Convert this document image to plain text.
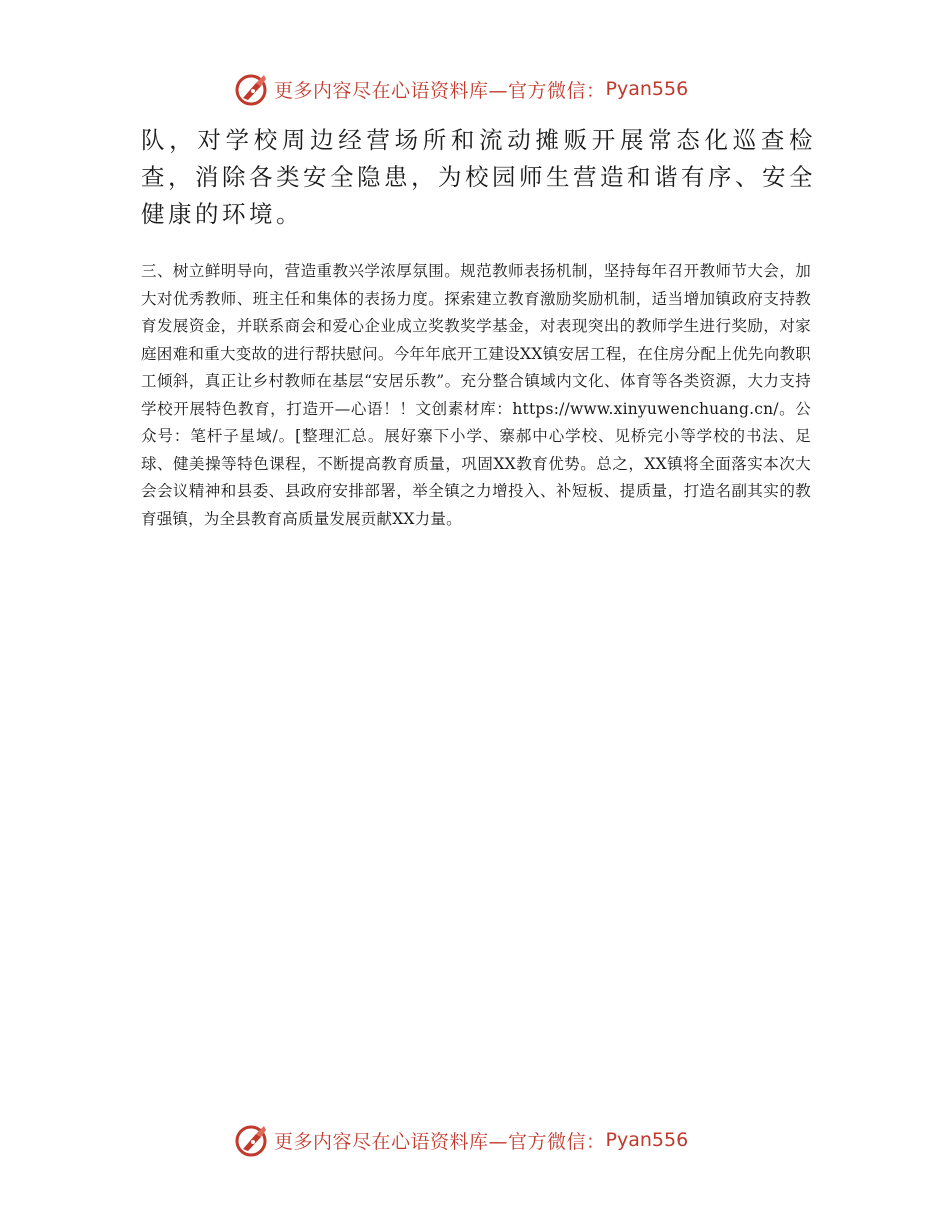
更多内容尽在心语资料库—官方微信： Pyan556

队，对学校周边经营场所和流动摊贩开展常态化巡查检查，消除各类安全隐患，为校园师生营造和谐有序、安全健康的环境。

三、树立鲜明导向，营造重教兴学浓厚氛围。规范教师表扬机制，坚持每年召开教师节大会，加大对优秀教师、班主任和集体的表扬力度。探索建立教育激励奖励机制，适当增加镇政府支持教育发展资金，并联系商会和爱心企业成立奖教奖学基金，对表现突出的教师学生进行奖励，对家庭困难和重大变故的进行帮扶慰问。今年年底开工建设XX镇安居工程，在住房分配上优先向教职工倾斜，真正让乡村教师在基层“安居乐教”。充分整合镇域内文化、体育等各类资源，大力支持学校开展特色教育，打造开—心语！！文创素材库：https://www.xinyuwenchuang.cn/。公众号：笔杆子星域/。[整理汇总。展好寨下小学、寨郝中心学校、见桥完小等学校的书法、足球、健美操等特色课程，不断提高教育质量，巩固XX教育优势。总之，XX镇将全面落实本次大会会议精神和县委、县政府安排部署，举全镇之力增投入、补短板、提质量，打造名副其实的教育强镇，为全县教育高质量发展贡献XX力量。

更多内容尽在心语资料库—官方微信： Pyan556
